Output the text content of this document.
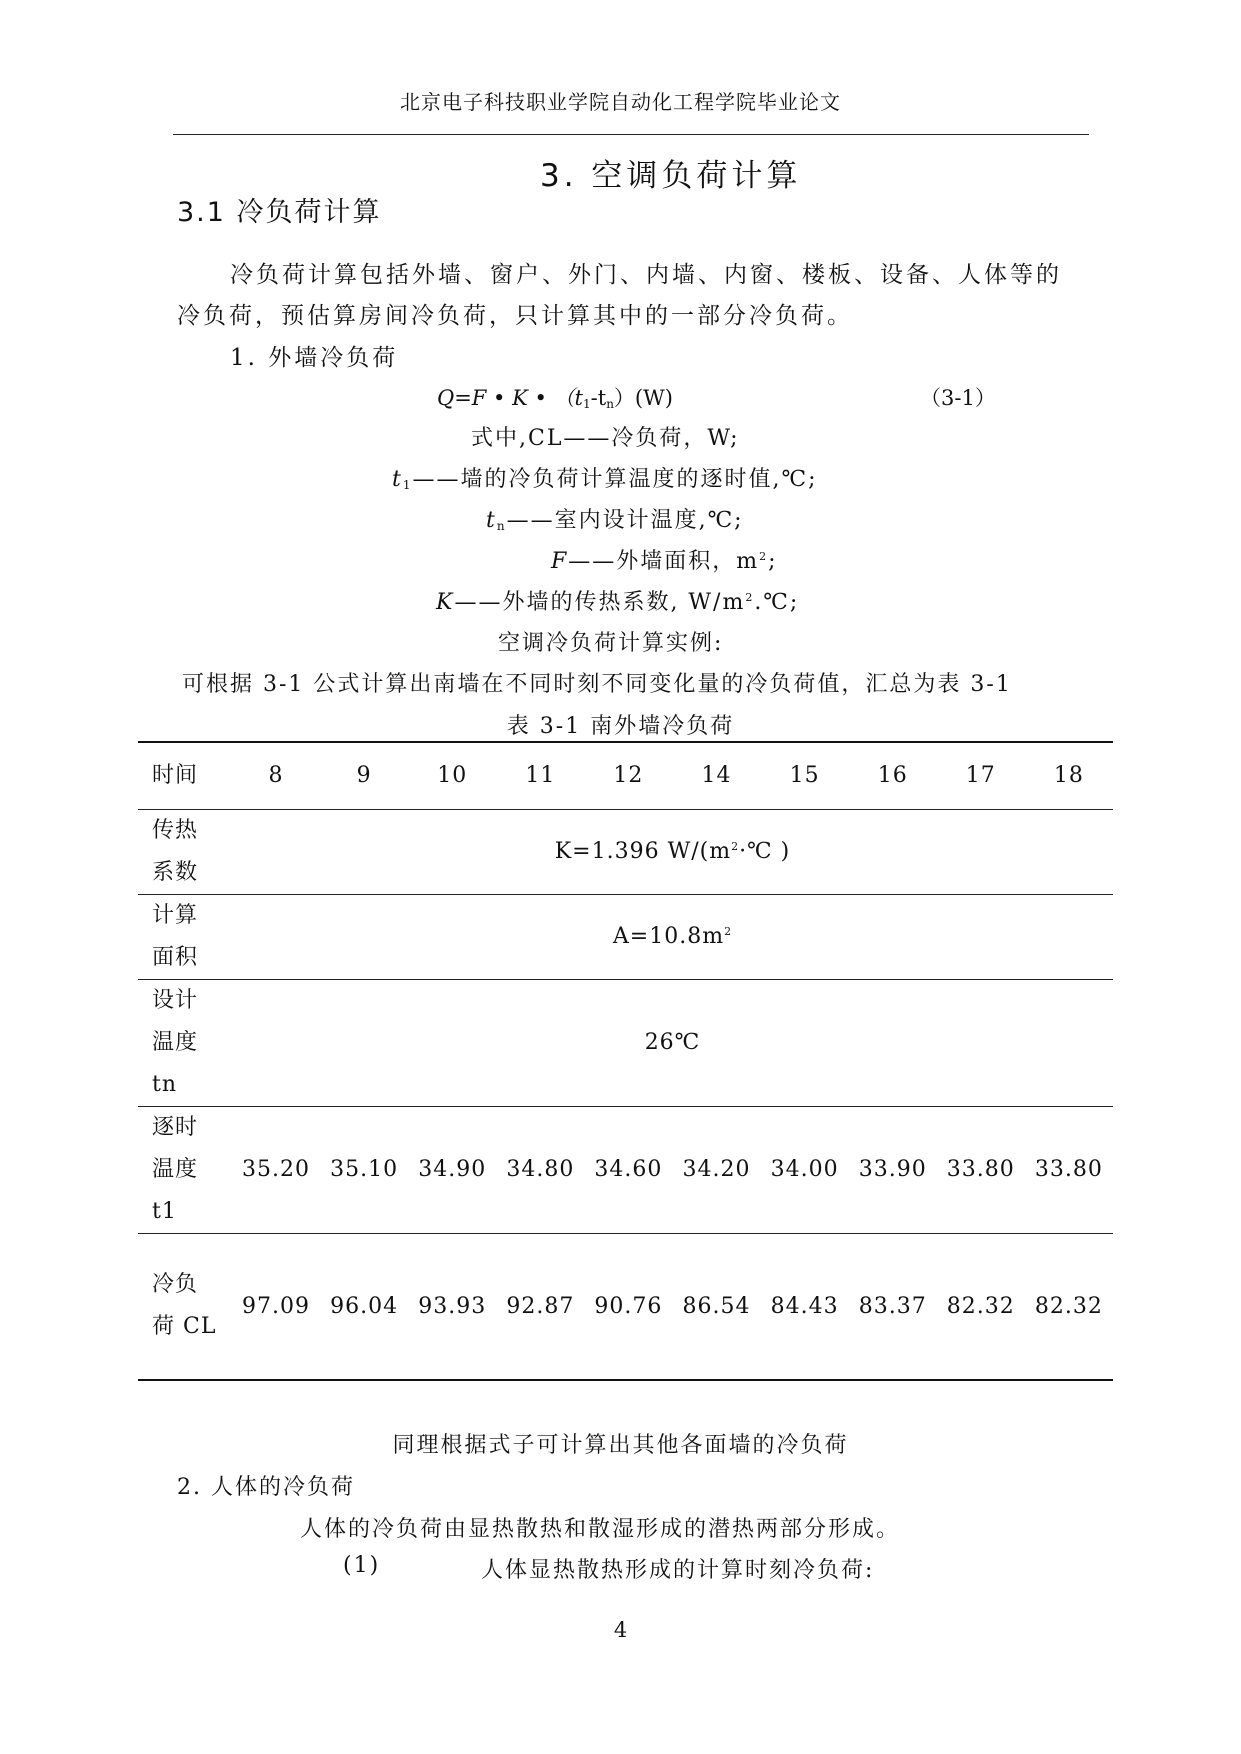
北京电子科技职业学院自动化工程学院毕业论文
3. 空调负荷计算
3.1 冷负荷计算
冷负荷计算包括外墙、窗户、外门、内墙、内窗、楼板、设备、人体等的
冷负荷，预估算房间冷负荷，只计算其中的一部分冷负荷。
1. 外墙冷负荷
Q=F • K • $(t_1-t_n)(W)$	（3-1）
式中,CL——冷负荷，W;
$t_1——$墙的冷负荷计算温度的逐时值,℃;
$t_n——$室内设计温度,℃;
F——外墙面积，$m^2$;
K——外墙的传热系数, $W/m^2.℃$;
空调冷负荷计算实例:
可根据 3-1 公式计算出南墙在不同时刻不同变化量的冷负荷值，汇总为表 3-1
表 3-1 南外墙冷负荷
时间	8	9	10	11	12	14	15	16	17	18

传热
系数	K=1.396 $W/(m^2\cdot℃$ )									

计算
面积	$A=10.8m^2$

设计
温度
tn	26℃									

逐时
温度
t1	35.20	35.10	34.90	34.80	34.60	34.20	34.00	33.90	33.80	33.80

冷负
荷 CL	97.09	96.04	93.93	92.87	90.76	86.54	84.43	83.37	82.32	82.32
同理根据式子可计算出其他各面墙的冷负荷
2. 人体的冷负荷
人体的冷负荷由显热散热和散湿形成的潜热两部分形成。
(1)	人体显热散热形成的计算时刻冷负荷:
4
